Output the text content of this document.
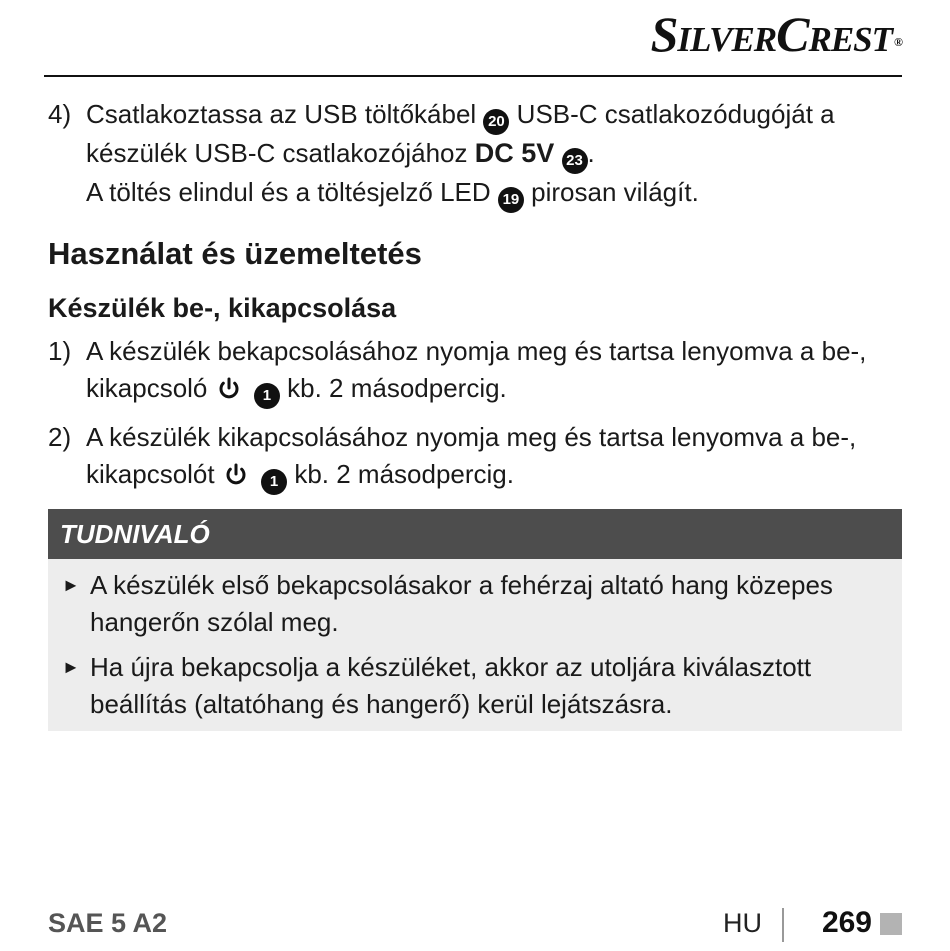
SilverCrest ®
4) Csatlakoztassa az USB töltőkábel 20 USB-C csatlakozódugóját a

készülék USB-C csatlakozójához DC 5V 23 .

A töltés elindul és a töltésjelző LED 19 pirosan világít.

Használat és üzemeltetés
Készülék be-, kikapcsolása
1) A készülék bekapcsolásához nyomja meg és tartsa lenyomva a be-,

kikapcsoló	1 kb. 2 másodpercig.

2) A készülék kikapcsolásához nyomja meg és tartsa lenyomva a be-,

kikapcsolót	1 kb. 2 másodpercig.

TUDNIVALÓ
► A készülék első bekapcsolásakor a fehérzaj altató hang közepes
hangerőn szólal meg.
► Ha újra bekapcsolja a készüléket, akkor az utoljára kiválasztott
beállítás (altatóhang és hangerő) kerül lejátszásra.
SAE 5 A2	HU 269
